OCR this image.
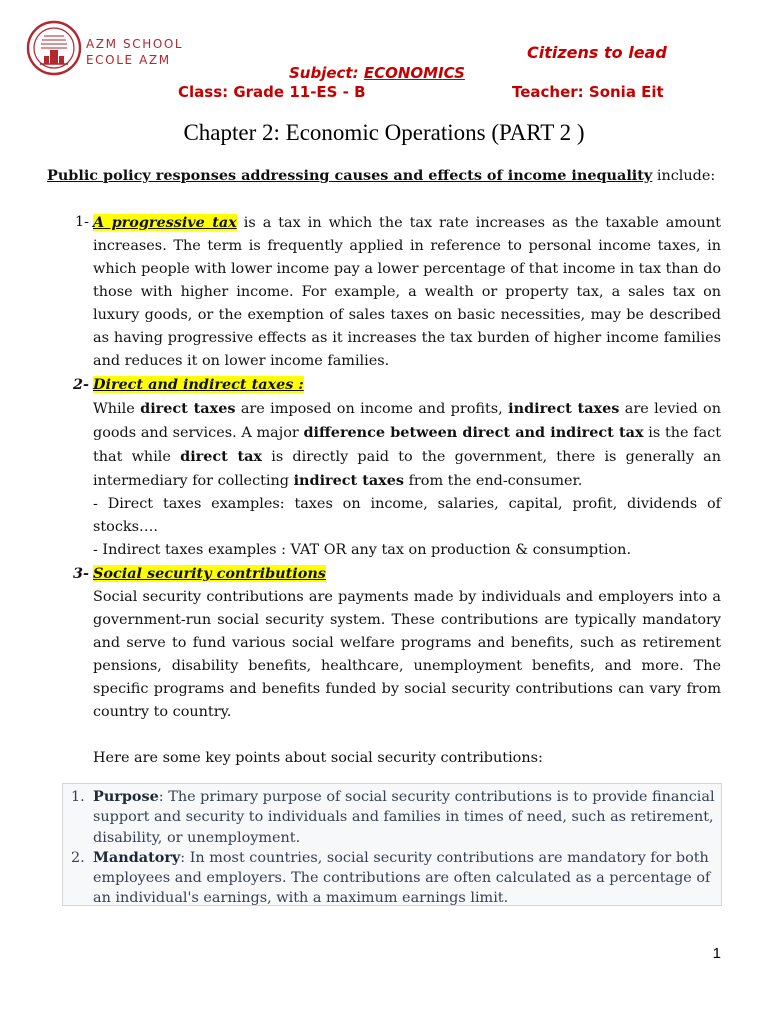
AZM SCHOOL
ECOLE AZM	Citizens to lead
Subject: ECONOMICS
Class: Grade 11-ES - B	Teacher: Sonia Eit
Chapter 2: Economic Operations (PART 2 )
Public policy responses addressing causes and effects of income inequality include:
1- A progressive tax is a tax in which the tax rate increases as the taxable amount increases. The term is frequently applied in reference to personal income taxes, in which people with lower income pay a lower percentage of that income in tax than do those with higher income. For example, a wealth or property tax, a sales tax on luxury goods, or the exemption of sales taxes on basic necessities, may be described as having progressive effects as it increases the tax burden of higher income families and reduces it on lower income families.
2- Direct and indirect taxes :
While direct taxes are imposed on income and profits, indirect taxes are levied on goods and services. A major difference between direct and indirect tax is the fact that while direct tax is directly paid to the government, there is generally an intermediary for collecting indirect taxes from the end-consumer.
- Direct taxes examples: taxes on income, salaries, capital, profit, dividends of stocks….
- Indirect taxes examples : VAT OR any tax on production & consumption.
3- Social security contributions
Social security contributions are payments made by individuals and employers into a government-run social security system. These contributions are typically mandatory and serve to fund various social welfare programs and benefits, such as retirement pensions, disability benefits, healthcare, unemployment benefits, and more. The specific programs and benefits funded by social security contributions can vary from country to country.
Here are some key points about social security contributions:
1. Purpose: The primary purpose of social security contributions is to provide financial support and security to individuals and families in times of need, such as retirement, disability, or unemployment.
2. Mandatory: In most countries, social security contributions are mandatory for both employees and employers. The contributions are often calculated as a percentage of an individual's earnings, with a maximum earnings limit.
1
